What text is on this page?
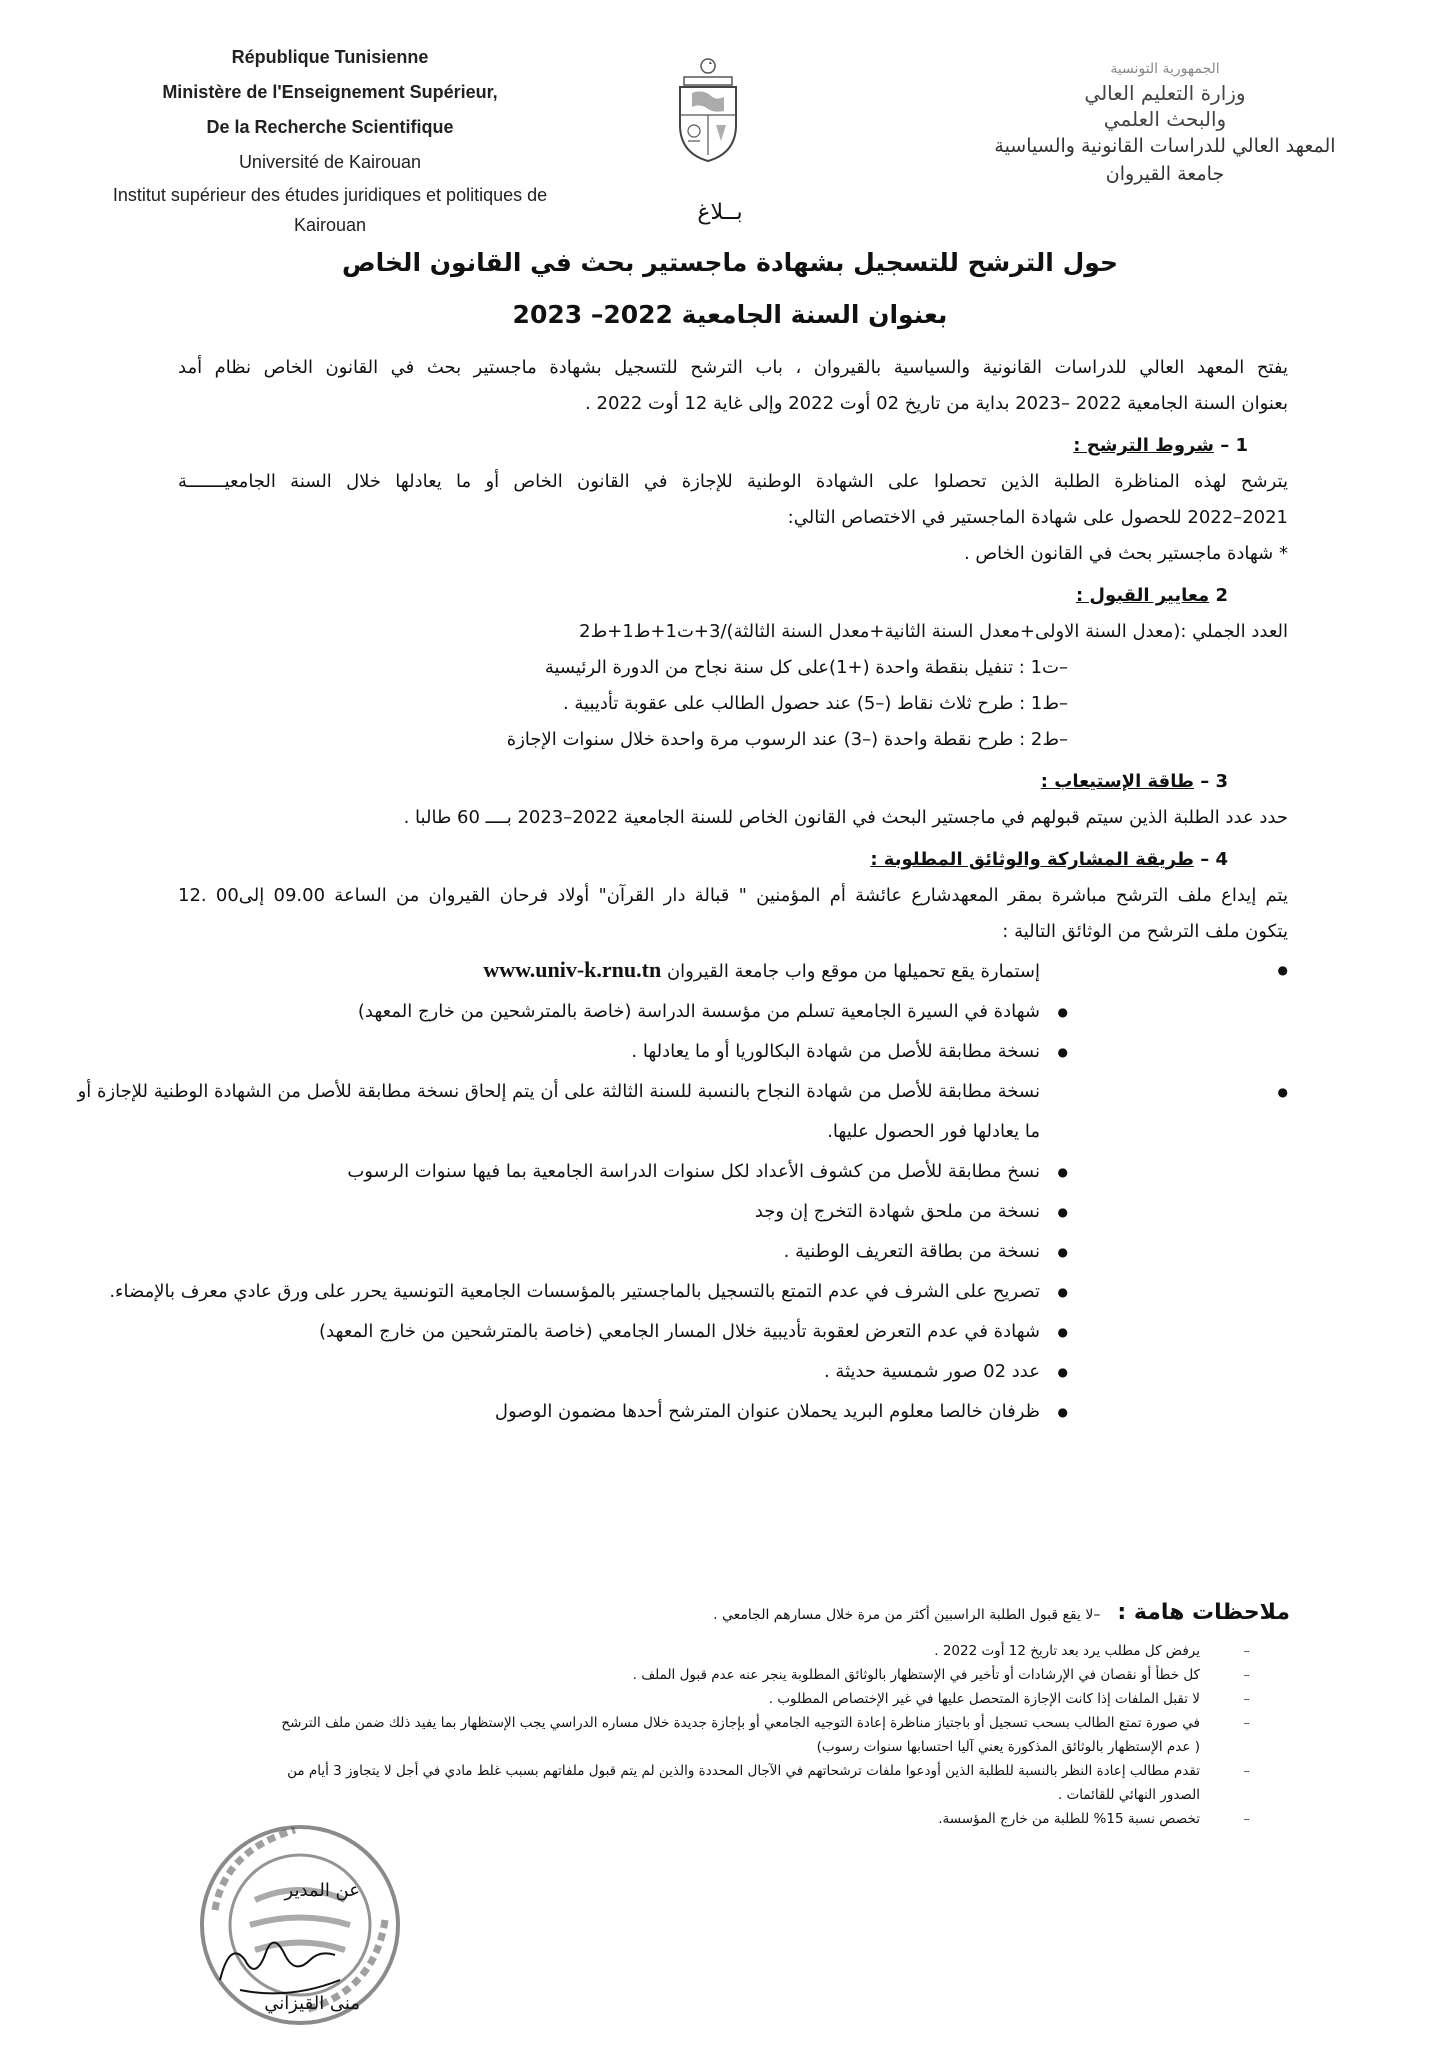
République Tunisienne
Ministère de l'Enseignement Supérieur,
De la Recherche Scientifique
Université de Kairouan
Institut supérieur des études juridiques et politiques de
Kairouan
الجمهورية التونسية
وزارة التعليم العالي
والبحث العلمي
المعهد العالي للدراسات القانونية والسياسية
جامعة القيروان
بــلاغ
حول الترشح للتسجيل بشهادة ماجستير بحث في القانون الخاص
بعنوان السنة الجامعية 2022– 2023

يفتح المعهد العالي للدراسات القانونية والسياسية بالقيروان ، باب الترشح للتسجيل بشهادة ماجستير بحث في القانون الخاص نظام أمد

بعنوان السنة الجامعية 2022 –2023 بداية من تاريخ 02 أوت 2022 وإلى غاية 12 أوت 2022 .

1 – شروط الترشح :

يترشح لهذه المناظرة الطلبة الذين تحصلوا على الشهادة الوطنية للإجازة في القانون الخاص أو ما يعادلها خلال السنة الجامعيـــــــة

2021–2022 للحصول على شهادة الماجستير في الاختصاص التالي:

* شهادة ماجستير بحث في القانون الخاص .

2 معايير القبول :

العدد الجملي :(معدل السنة الاولى+معدل السنة الثانية+معدل السنة الثالثة)/3+ت1+ط1+ط2

–ت1 : تنفيل بنقطة واحدة (+1)على كل سنة نجاح من الدورة الرئيسية

–ط1 : طرح ثلاث نقاط (–5) عند حصول الطالب على عقوبة تأديبية .

–ط2 : طرح نقطة واحدة (–3) عند الرسوب مرة واحدة خلال سنوات الإجازة

3 – طاقة الإستيعاب :

حدد عدد الطلبة الذين سيتم قبولهم في ماجستير البحث في القانون الخاص للسنة الجامعية 2022–2023 بــــ 60 طالبا .

4 – طريقة المشاركة والوثائق المطلوبة :

يتم إيداع ملف الترشح مباشرة بمقر المعهدشارع عائشة أم المؤمنين " قبالة دار القرآن" أولاد فرحان القيروان من الساعة 09.00 إلى00 .12

يتكون ملف الترشح من الوثائق التالية :

● إستمارة يقع تحميلها من موقع واب جامعة القيروان www.univ-k.rnu.tn
● شهادة في السيرة الجامعية تسلم من مؤسسة الدراسة (خاصة بالمترشحين من خارج المعهد)
● نسخة مطابقة للأصل من شهادة البكالوريا أو ما يعادلها .
● نسخة مطابقة للأصل من شهادة النجاح بالنسبة للسنة الثالثة على أن يتم إلحاق نسخة مطابقة للأصل من الشهادة الوطنية للإجازة أو
ما يعادلها فور الحصول عليها.
● نسخ مطابقة للأصل من كشوف الأعداد لكل سنوات الدراسة الجامعية بما فيها سنوات الرسوب
● نسخة من ملحق شهادة التخرج إن وجد
● نسخة من بطاقة التعريف الوطنية .
● تصريح على الشرف في عدم التمتع بالتسجيل بالماجستير بالمؤسسات الجامعية التونسية يحرر على ورق عادي معرف بالإمضاء.
● شهادة في عدم التعرض لعقوبة تأديبية خلال المسار الجامعي (خاصة بالمترشحين من خارج المعهد)
● عدد 02 صور شمسية حديثة .
● ظرفان خالصا معلوم البريد يحملان عنوان المترشح أحدها مضمون الوصول
ملاحظات هامة : –لا يقع قبول الطلبة الراسبين أكثر من مرة خلال مسارهم الجامعي .
– يرفض كل مطلب يرد بعد تاريخ 12 أوت 2022 .
– كل خطأ أو نقصان في الإرشادات أو تأخير في الإستظهار بالوثائق المطلوبة ينجر عنه عدم قبول الملف .
– لا تقبل الملفات إذا كانت الإجازة المتحصل عليها في غير الإختصاص المطلوب .
– في صورة تمتع الطالب بسحب تسجيل أو باجتياز مناظرة إعادة التوجيه الجامعي أو بإجازة جديدة خلال مساره الدراسي يجب الإستظهار بما يفيد ذلك ضمن ملف الترشح
( عدم الإستظهار بالوثائق المذكورة يعني آليا احتسابها سنوات رسوب)
– تقدم مطالب إعادة النظر بالنسبة للطلبة الذين أودعوا ملفات ترشحاتهم في الآجال المحددة والذين لم يتم قبول ملفاتهم بسبب غلط مادي في أجل لا يتجاوز 3 أيام من
الصدور النهائي للقائمات .
– تخصص نسبة 15% للطلبة من خارج المؤسسة.
عن المدير
منى القيزاني
